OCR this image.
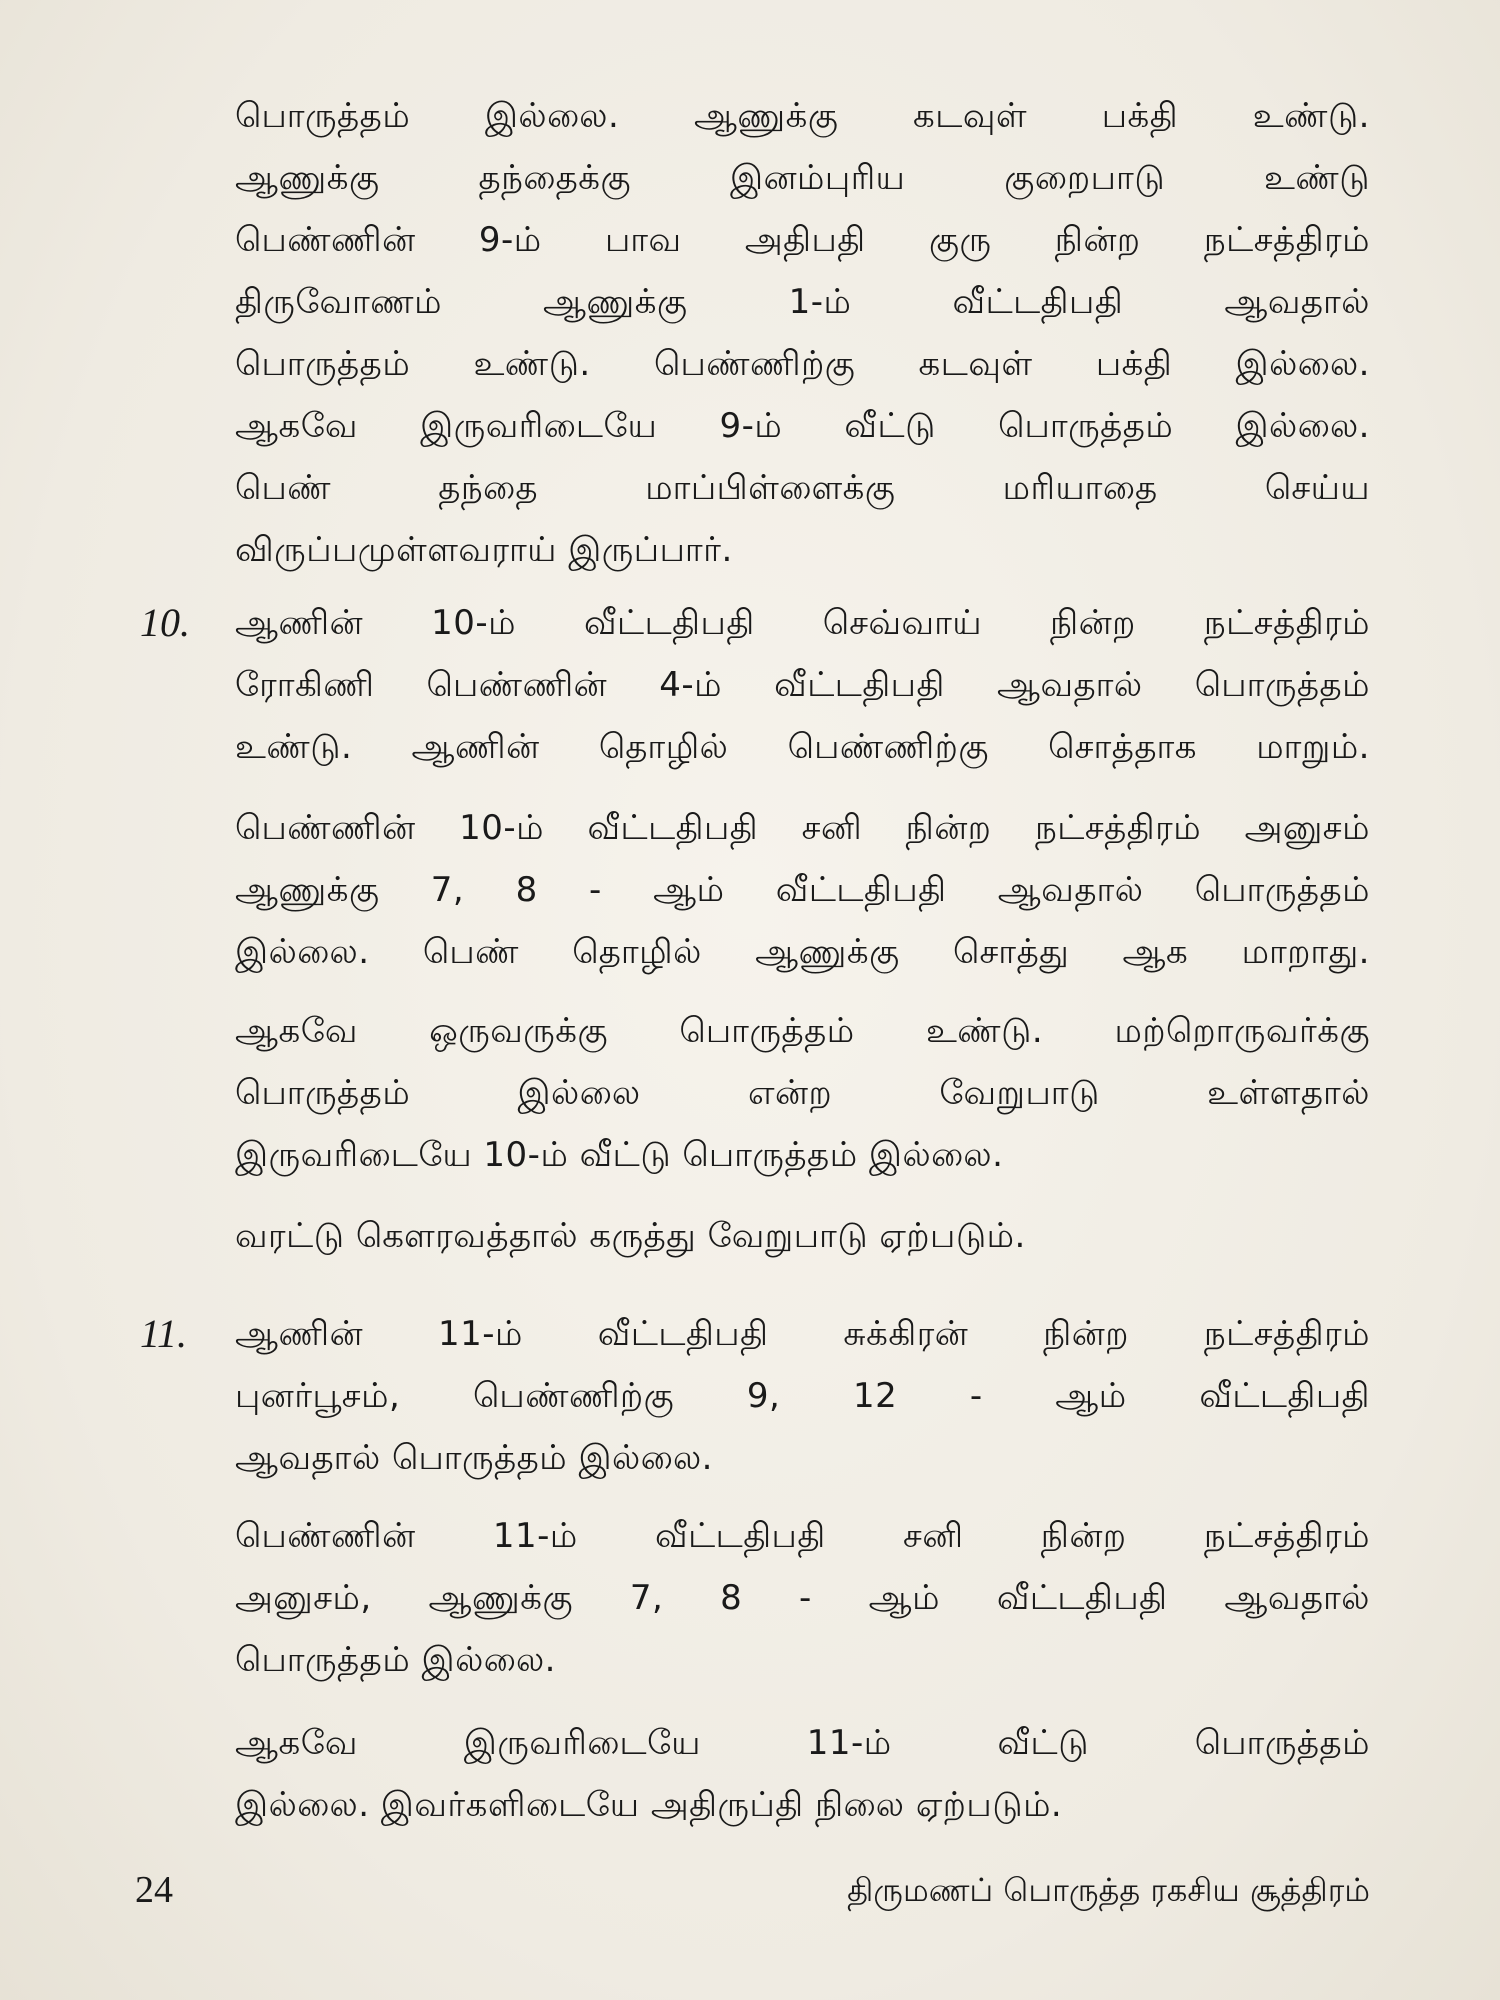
பொருத்தம் இல்லை. ஆணுக்கு கடவுள் பக்தி உண்டு.
ஆணுக்கு தந்தைக்கு இனம்புரிய குறைபாடு உண்டு
பெண்ணின் 9-ம் பாவ அதிபதி குரு நின்ற நட்சத்திரம்
திருவோணம் ஆணுக்கு 1-ம் வீட்டதிபதி ஆவதால்
பொருத்தம் உண்டு. பெண்ணிற்கு கடவுள் பக்தி இல்லை.
ஆகவே இருவரிடையே 9-ம் வீட்டு பொருத்தம் இல்லை.
பெண் தந்தை மாப்பிள்ளைக்கு மரியாதை செய்ய
விருப்பமுள்ளவராய் இருப்பார்.
10. ஆணின் 10-ம் வீட்டதிபதி செவ்வாய் நின்ற நட்சத்திரம்
ரோகிணி பெண்ணின் 4-ம் வீட்டதிபதி ஆவதால் பொருத்தம்
உண்டு. ஆணின் தொழில் பெண்ணிற்கு சொத்தாக மாறும்.
பெண்ணின் 10-ம் வீட்டதிபதி சனி நின்ற நட்சத்திரம் அனுசம்
ஆணுக்கு 7, 8 - ஆம் வீட்டதிபதி ஆவதால் பொருத்தம்
இல்லை. பெண் தொழில் ஆணுக்கு சொத்து ஆக மாறாது.
ஆகவே ஒருவருக்கு பொருத்தம் உண்டு. மற்றொருவர்க்கு
பொருத்தம் இல்லை என்ற வேறுபாடு உள்ளதால்
இருவரிடையே 10-ம் வீட்டு பொருத்தம் இல்லை.
வரட்டு கௌரவத்தால் கருத்து வேறுபாடு ஏற்படும்.
11. ஆணின் 11-ம் வீட்டதிபதி சுக்கிரன் நின்ற நட்சத்திரம்
புனர்பூசம், பெண்ணிற்கு 9, 12 - ஆம் வீட்டதிபதி
ஆவதால் பொருத்தம் இல்லை.
பெண்ணின் 11-ம் வீட்டதிபதி சனி நின்ற நட்சத்திரம்
அனுசம், ஆணுக்கு 7, 8 - ஆம் வீட்டதிபதி ஆவதால்
பொருத்தம் இல்லை.
ஆகவே இருவரிடையே 11-ம் வீட்டு பொருத்தம்
இல்லை. இவர்களிடையே அதிருப்தி நிலை ஏற்படும்.
24	திருமணப் பொருத்த ரகசிய சூத்திரம்
